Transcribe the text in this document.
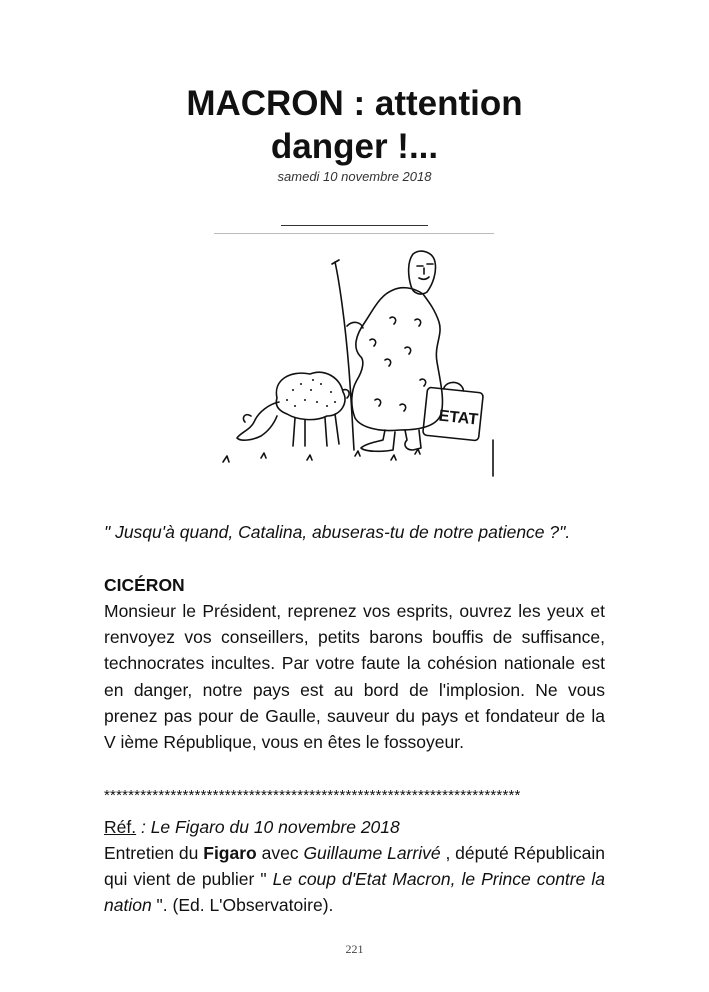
MACRON : attention
danger !...
samedi 10 novembre 2018
ETAT
" Jusqu'à quand, Catalina, abuseras-tu de notre patience ?".
CICÉRON
Monsieur le Président, reprenez vos esprits, ouvrez les yeux et renvoyez vos conseillers, petits barons bouffis de suffisance, technocrates incultes. Par votre faute la cohésion nationale est en danger, notre pays est au bord de l'implosion. Ne vous prenez pas pour de Gaulle, sauveur du pays et fondateur de la V ième République, vous en êtes le fossoyeur.
*********************************************************************
Réf. : Le Figaro du 10 novembre 2018
Entretien du Figaro avec Guillaume Larrivé , député Républicain qui vient de publier " Le coup d'Etat Macron, le Prince contre la nation ". (Ed. L'Observatoire).
221
